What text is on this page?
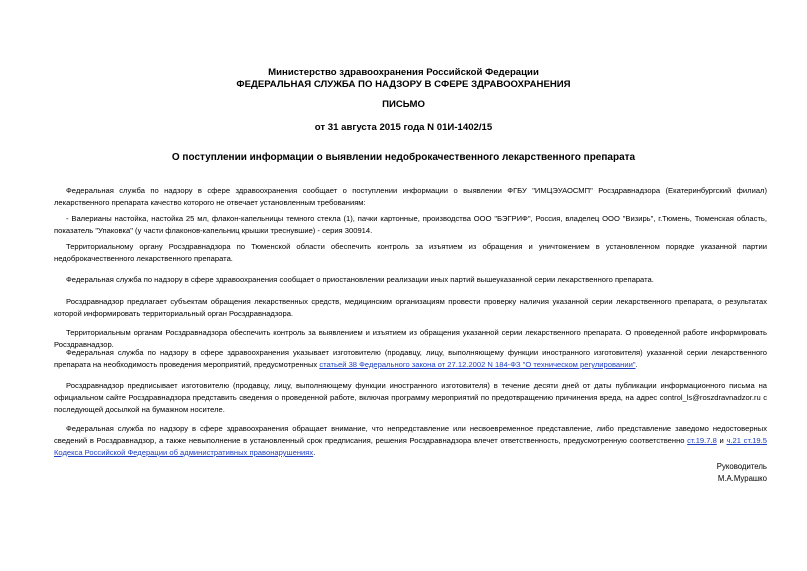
Министерство здравоохранения Российской Федерации
ФЕДЕРАЛЬНАЯ СЛУЖБА ПО НАДЗОРУ В СФЕРЕ ЗДРАВООХРАНЕНИЯ
ПИСЬМО
от 31 августа 2015 года N 01И-1402/15
О поступлении информации о выявлении недоброкачественного лекарственного препарата

Федеральная служба по надзору в сфере здравоохранения сообщает о поступлении информации о выявлении ФГБУ "ИМЦЭУАОСМП" Росздравнадзора (Екатеринбургский филиал) лекарственного препарата качество которого не отвечает установленным требованиям:

- Валерианы настойка, настойка 25 мл, флакон-капельницы темного стекла (1), пачки картонные, производства ООО "БЭГРИФ", Россия, владелец ООО "Визирь", г.Тюмень, Тюменская область, показатель "Упаковка" (у части флаконов-капельниц крышки треснувшие) - серия 300914.

Территориальному органу Росздравнадзора по Тюменской области обеспечить контроль за изъятием из обращения и уничтожением в установленном порядке указанной партии недоброкачественного лекарственного препарата.

Федеральная служба по надзору в сфере здравоохранения сообщает о приостановлении реализации иных партий вышеуказанной серии лекарственного препарата.

Росздравнадзор предлагает субъектам обращения лекарственных средств, медицинским организациям провести проверку наличия указанной серии лекарственного препарата, о результатах которой информировать территориальный орган Росздравнадзора.

Территориальным органам Росздравнадзора обеспечить контроль за выявлением и изъятием из обращения указанной серии лекарственного препарата. О проведенной работе информировать Росздравнадзор.

Федеральная служба по надзору в сфере здравоохранения указывает изготовителю (продавцу, лицу, выполняющему функции иностранного изготовителя) указанной серии лекарственного препарата на необходимость проведения мероприятий, предусмотренных статьей 38 Федерального закона от 27.12.2002 N 184-ФЗ "О техническом регулировании".

Росздравнадзор предписывает изготовителю (продавцу, лицу, выполняющему функции иностранного изготовителя) в течение десяти дней от даты публикации информационного письма на официальном сайте Росздравнадзора представить сведения о проведенной работе, включая программу мероприятий по предотвращению причинения вреда, на адрес control_ls@roszdravnadzor.ru с последующей досылкой на бумажном носителе.

Федеральная служба по надзору в сфере здравоохранения обращает внимание, что непредставление или несвоевременное представление, либо представление заведомо недостоверных сведений в Росздравнадзор, а также невыполнение в установленный срок предписания, решения Росздравнадзора влечет ответственность, предусмотренную соответственно ст.19.7.8 и ч.21 ст.19.5 Кодекса Российской Федерации об административных правонарушениях.

Руководитель
М.А.Мурашко
